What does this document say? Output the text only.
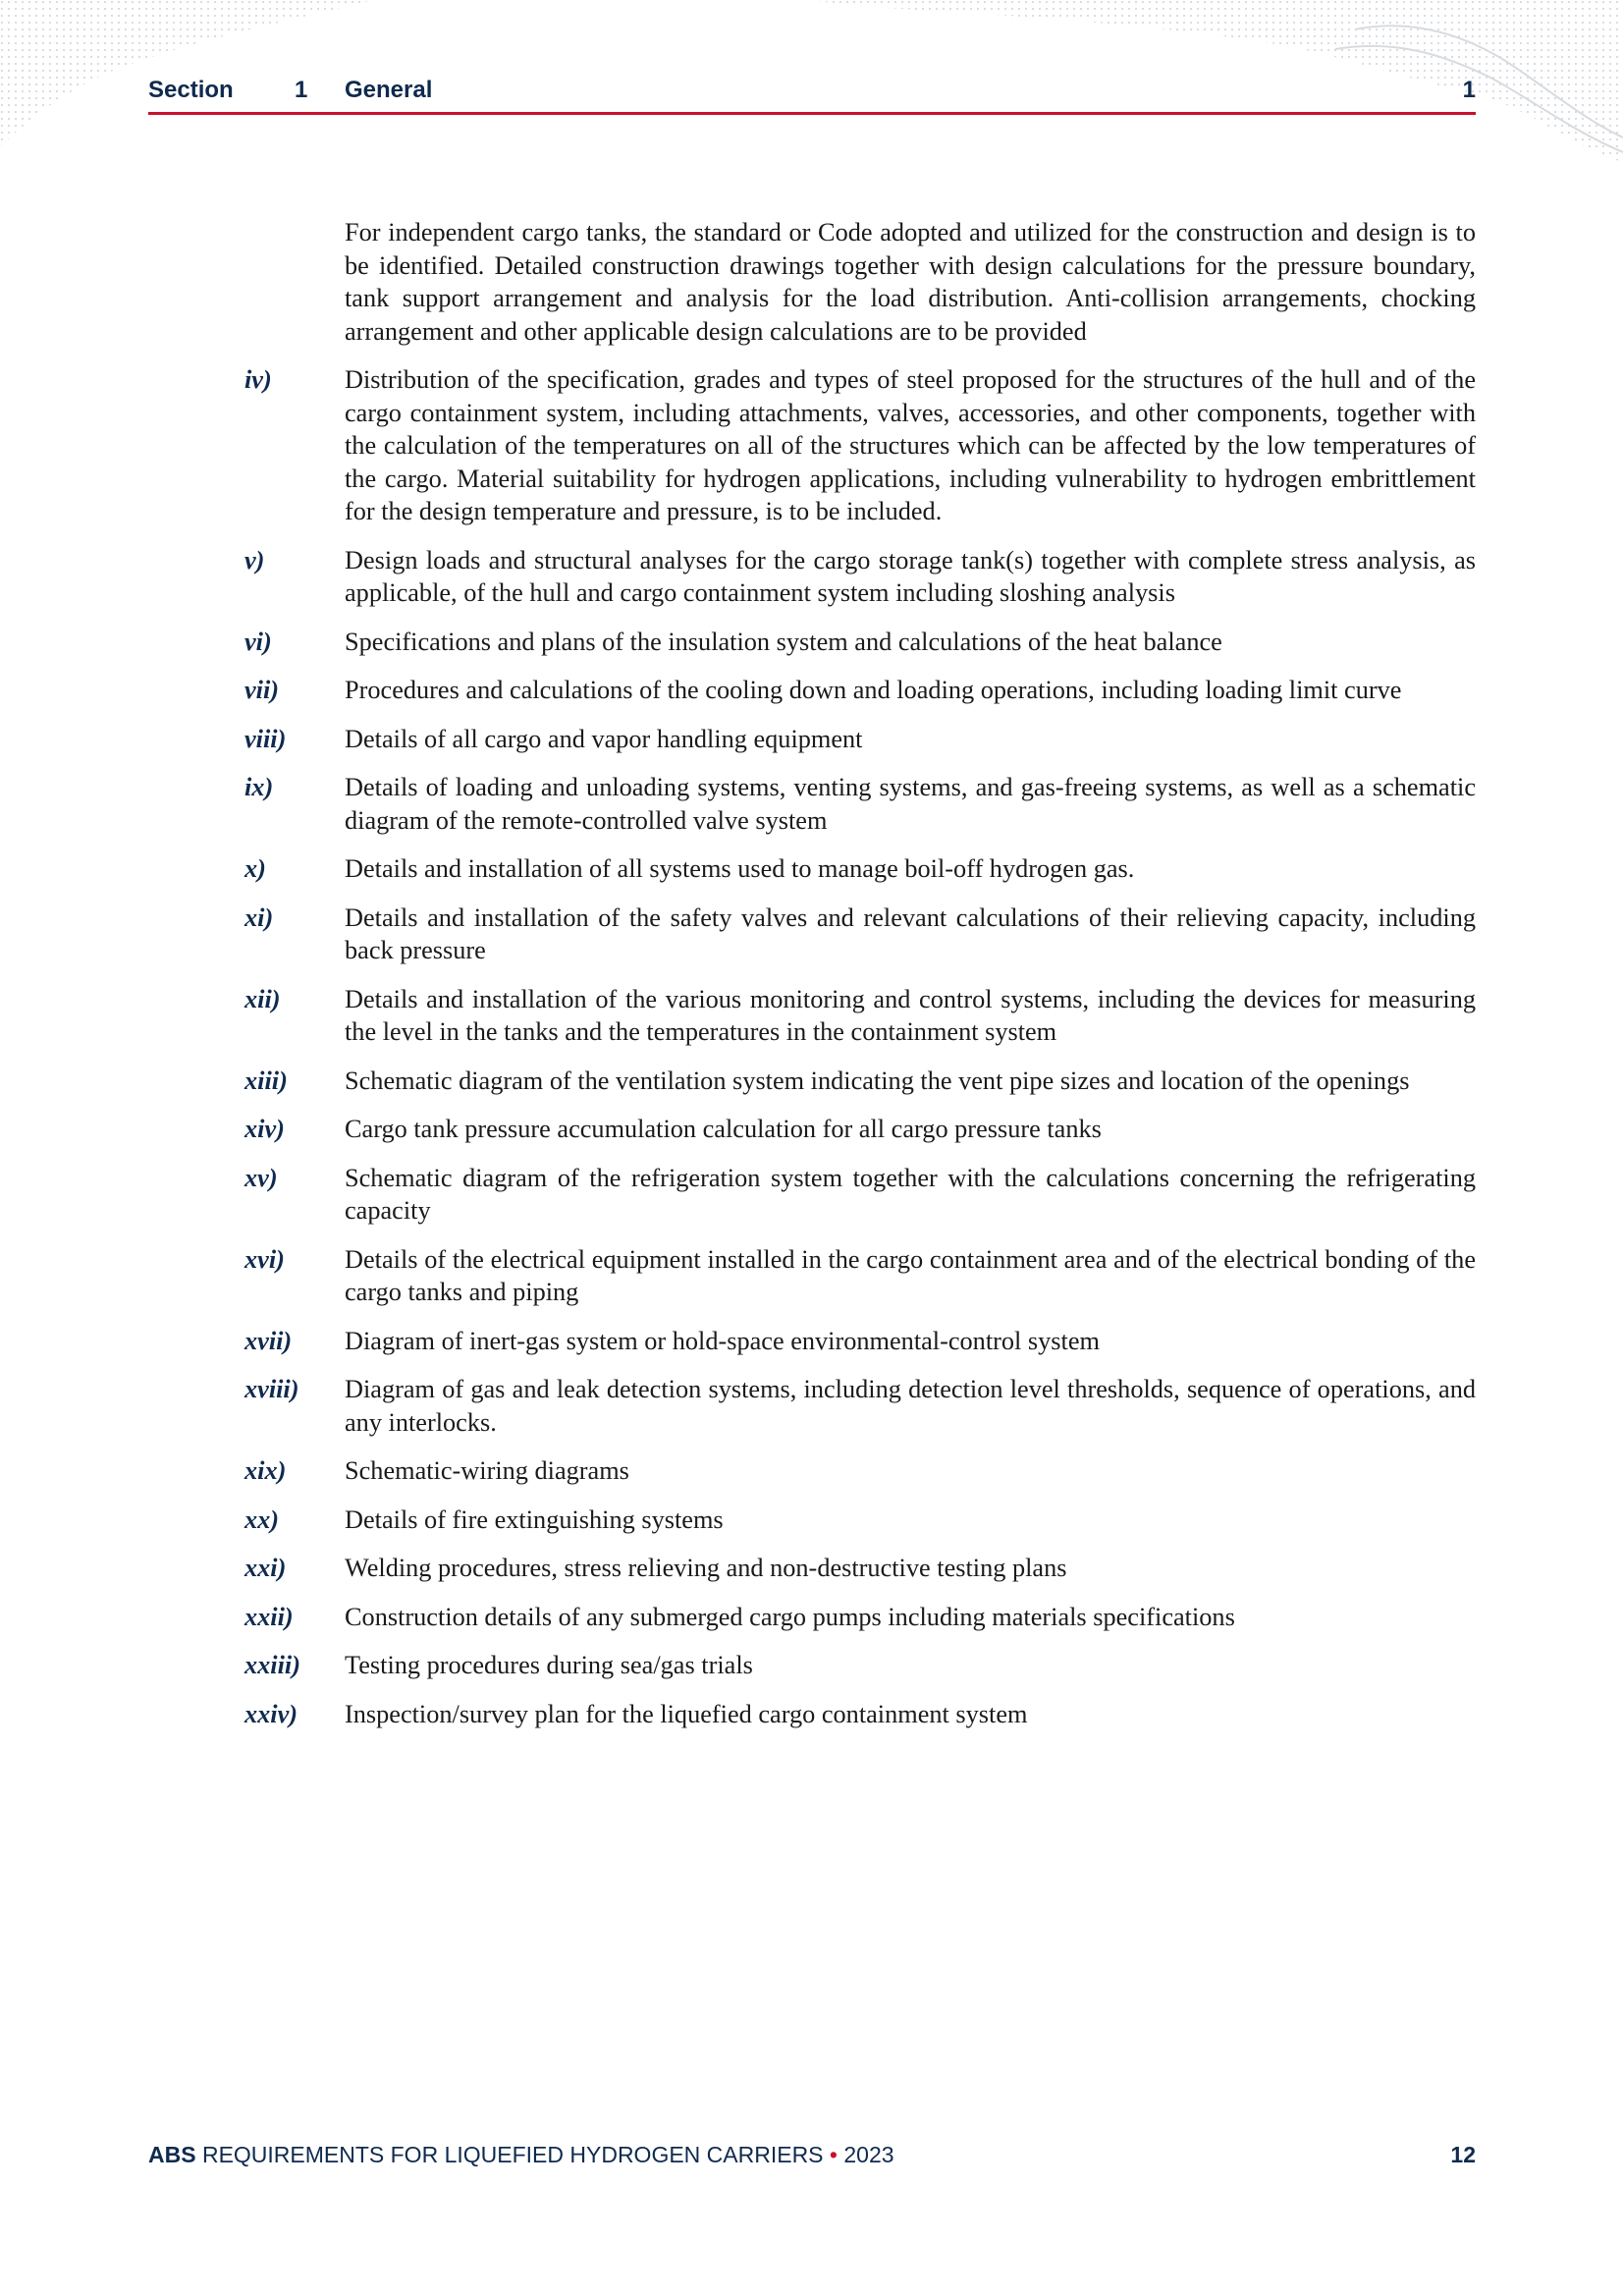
Section	1 General	1

For independent cargo tanks, the standard or Code adopted and utilized for the construction and design is to be identified. Detailed construction drawings together with design calculations for the pressure boundary, tank support arrangement and analysis for the load distribution. Anti-collision arrangements, chocking arrangement and other applicable design calculations are to be provided

iv)	Distribution of the specification, grades and types of steel proposed for the structures of the hull and of the cargo containment system, including attachments, valves, accessories, and other components, together with the calculation of the temperatures on all of the structures which can be affected by the low temperatures of the cargo. Material suitability for hydrogen applications, including vulnerability to hydrogen embrittlement for the design temperature and pressure, is to be included.
v)	Design loads and structural analyses for the cargo storage tank(s) together with complete stress analysis, as applicable, of the hull and cargo containment system including sloshing analysis
vi)	Specifications and plans of the insulation system and calculations of the heat balance
vii)	Procedures and calculations of the cooling down and loading operations, including loading limit curve
viii)	Details of all cargo and vapor handling equipment
ix)	Details of loading and unloading systems, venting systems, and gas-freeing systems, as well as a schematic diagram of the remote-controlled valve system
x)	Details and installation of all systems used to manage boil-off hydrogen gas.
xi)	Details and installation of the safety valves and relevant calculations of their relieving capacity, including back pressure
xii)	Details and installation of the various monitoring and control systems, including the devices for measuring the level in the tanks and the temperatures in the containment system
xiii)	Schematic diagram of the ventilation system indicating the vent pipe sizes and location of the openings
xiv)	Cargo tank pressure accumulation calculation for all cargo pressure tanks
xv)	Schematic diagram of the refrigeration system together with the calculations concerning the refrigerating capacity
xvi)	Details of the electrical equipment installed in the cargo containment area and of the electrical bonding of the cargo tanks and piping
xvii)	Diagram of inert-gas system or hold-space environmental-control system
xviii)	Diagram of gas and leak detection systems, including detection level thresholds, sequence of operations, and any interlocks.
xix)	Schematic-wiring diagrams
xx)	Details of fire extinguishing systems
xxi)	Welding procedures, stress relieving and non-destructive testing plans
xxii)	Construction details of any submerged cargo pumps including materials specifications
xxiii)	Testing procedures during sea/gas trials
xxiv)	Inspection/survey plan for the liquefied cargo containment system
ABS REQUIREMENTS FOR LIQUEFIED HYDROGEN CARRIERS • 2023	12
